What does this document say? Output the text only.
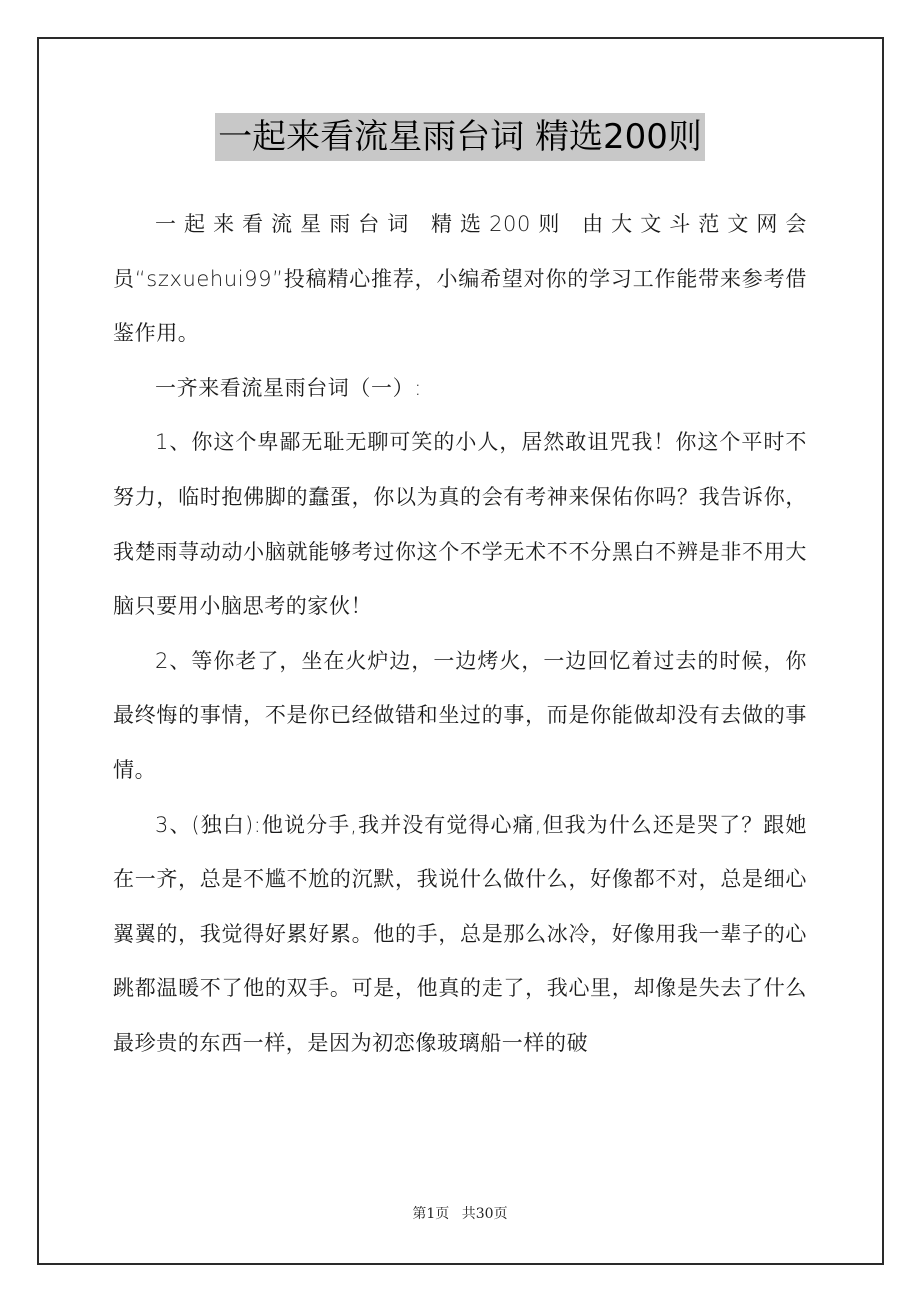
一起来看流星雨台词 精选200则

一起来看流星雨台词 精选200则 由大文斗范文网会员“szxuehui99”投稿精心推荐，小编希望对你的学习工作能带来参考借鉴作用。

一齐来看流星雨台词（一）:

1、你这个卑鄙无耻无聊可笑的小人，居然敢诅咒我！你这个平时不努力，临时抱佛脚的蠢蛋，你以为真的会有考神来保佑你吗？我告诉你，我楚雨荨动动小脑就能够考过你这个不学无术不不分黑白不辨是非不用大脑只要用小脑思考的家伙！

2、等你老了，坐在火炉边，一边烤火，一边回忆着过去的时候，你最终悔的事情，不是你已经做错和坐过的事，而是你能做却没有去做的事情。

3、(独白):他说分手,我并没有觉得心痛,但我为什么还是哭了？跟她在一齐，总是不尴不尬的沉默，我说什么做什么，好像都不对，总是细心翼翼的，我觉得好累好累。他的手，总是那么冰冷，好像用我一辈子的心跳都温暖不了他的双手。可是，他真的走了，我心里，却像是失去了什么最珍贵的东西一样，是因为初恋像玻璃船一样的破

第1页 共30页
